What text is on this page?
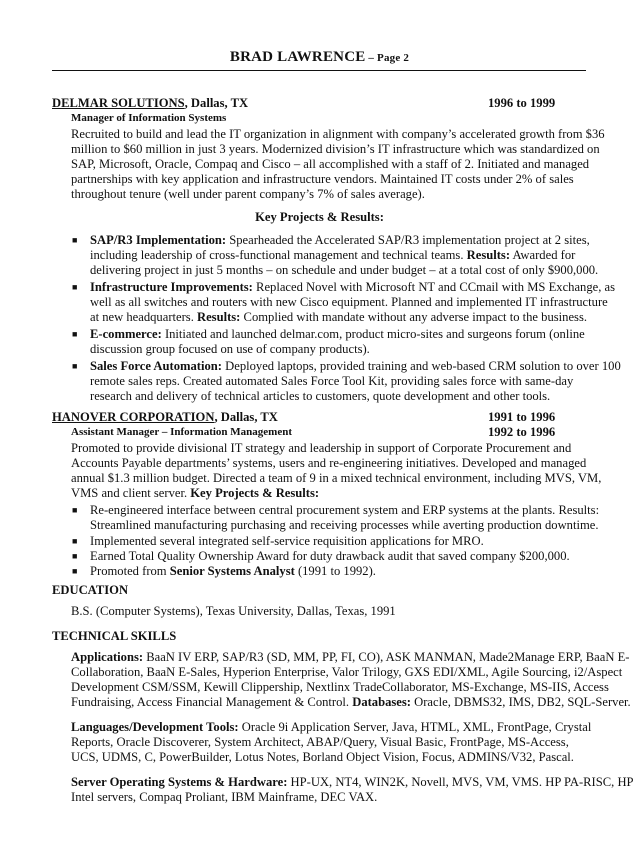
BRAD LAWRENCE – Page 2
DELMAR SOLUTIONS, Dallas, TX	1996 to 1999
Manager of Information Systems
Recruited to build and lead the IT organization in alignment with company’s accelerated growth from $36
million to $60 million in just 3 years. Modernized division’s IT infrastructure which was standardized on
SAP, Microsoft, Oracle, Compaq and Cisco – all accomplished with a staff of 2. Initiated and managed
partnerships with key application and infrastructure vendors. Maintained IT costs under 2% of sales
throughout tenure (well under parent company’s 7% of sales average).
Key Projects & Results:
■ SAP/R3 Implementation: Spearheaded the Accelerated SAP/R3 implementation project at 2 sites,
including leadership of cross-functional management and technical teams. Results: Awarded for
delivering project in just 5 months – on schedule and under budget – at a total cost of only $900,000.
■ Infrastructure Improvements: Replaced Novel with Microsoft NT and CCmail with MS Exchange, as
well as all switches and routers with new Cisco equipment. Planned and implemented IT infrastructure
at new headquarters. Results: Complied with mandate without any adverse impact to the business.
■ E-commerce: Initiated and launched delmar.com, product micro-sites and surgeons forum (online
discussion group focused on use of company products).
■ Sales Force Automation: Deployed laptops, provided training and web-based CRM solution to over 100
remote sales reps. Created automated Sales Force Tool Kit, providing sales force with same-day
research and delivery of technical articles to customers, quote development and other tools.
HANOVER CORPORATION, Dallas, TX	1991 to 1996
Assistant Manager – Information Management	1992 to 1996
Promoted to provide divisional IT strategy and leadership in support of Corporate Procurement and
Accounts Payable departments’ systems, users and re-engineering initiatives. Developed and managed
annual $1.3 million budget. Directed a team of 9 in a mixed technical environment, including MVS, VM,
VMS and client server. Key Projects & Results:
■ Re-engineered interface between central procurement system and ERP systems at the plants. Results:
Streamlined manufacturing purchasing and receiving processes while averting production downtime.
■ Implemented several integrated self-service requisition applications for MRO.
■ Earned Total Quality Ownership Award for duty drawback audit that saved company $200,000.
■ Promoted from Senior Systems Analyst (1991 to 1992).
EDUCATION
B.S. (Computer Systems), Texas University, Dallas, Texas, 1991
TECHNICAL SKILLS
Applications: BaaN IV ERP, SAP/R3 (SD, MM, PP, FI, CO), ASK MANMAN, Made2Manage ERP, BaaN E-
Collaboration, BaaN E-Sales, Hyperion Enterprise, Valor Trilogy, GXS EDI/XML, Agile Sourcing, i2/Aspect
Development CSM/SSM, Kewill Clippership, Nextlinx TradeCollaborator, MS-Exchange, MS-IIS, Access
Fundraising, Access Financial Management & Control. Databases: Oracle, DBMS32, IMS, DB2, SQL-Server.
Languages/Development Tools: Oracle 9i Application Server, Java, HTML, XML, FrontPage, Crystal
Reports, Oracle Discoverer, System Architect, ABAP/Query, Visual Basic, FrontPage, MS-Access,
UCS, UDMS, C, PowerBuilder, Lotus Notes, Borland Object Vision, Focus, ADMINS/V32, Pascal.
Server Operating Systems & Hardware: HP-UX, NT4, WIN2K, Novell, MVS, VM, VMS. HP PA-RISC, HP
Intel servers, Compaq Proliant, IBM Mainframe, DEC VAX.
